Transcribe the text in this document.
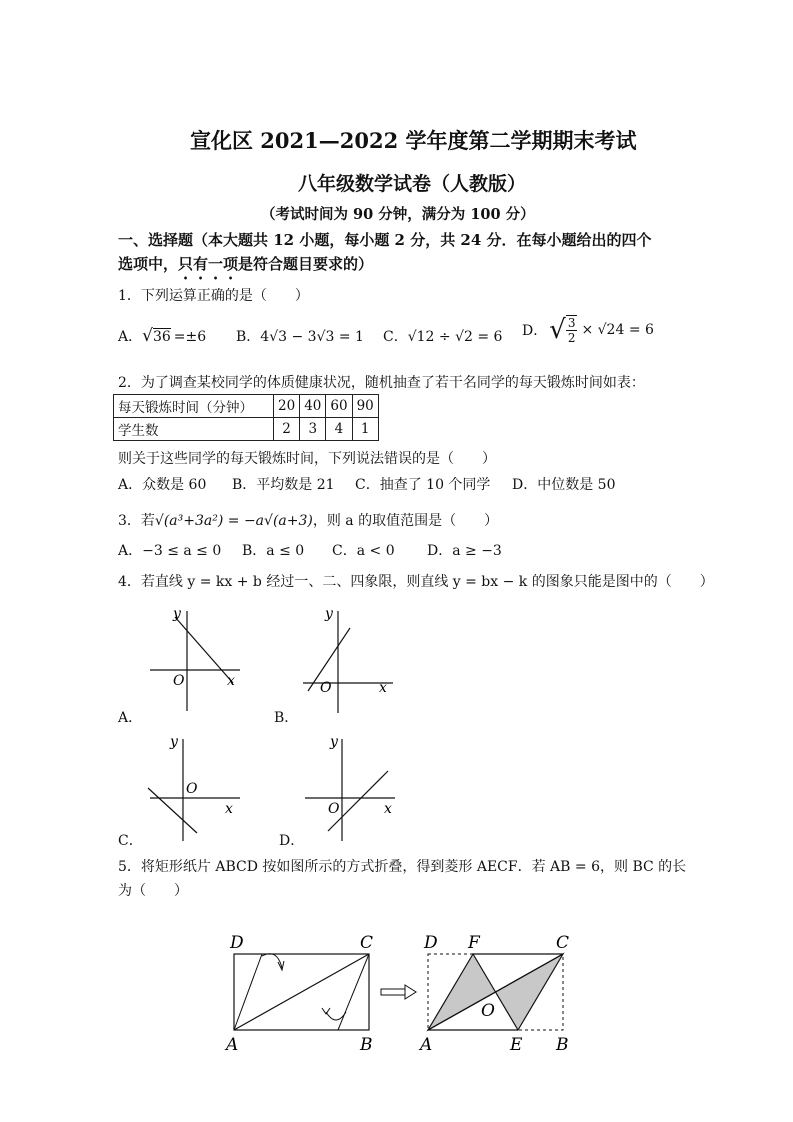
宣化区 2021—2022 学年度第二学期期末考试
八年级数学试卷（人教版）
（考试时间为 90 分钟，满分为 100 分）
一、选择题（本大题共 12 小题，每小题 2 分，共 24 分．在每小题给出的四个
选项中，只有一项是符合题目要求的）
1．下列运算正确的是（　　）
A．√36 =±6 B．4√3 − 3√3 = 1 C．√12 ÷ √2 = 6 D． √ $\frac{3}{2} \times √24 = 6$
2．为了调查某校同学的体质健康状况，随机抽查了若干名同学的每天锻炼时间如表：
每天锻炼时间（分钟）	20	40	60	90
学生数	2	3	4	1
则关于这些同学的每天锻炼时间，下列说法错误的是（　　）
A．众数是 60 B．平均数是 21 C．抽查了 10 个同学 D．中位数是 50
3．若√(a³+3a²) = −a√(a+3)，则 a 的取值范围是（　　）
A．−3 ≤ a ≤ 0 B．a ≤ 0 C．a < 0 D．a ≥ −3
4．若直线 y = kx + b 经过一、二、四象限，则直线 y = bx − k 的图象只能是图中的（　　）
y
x
O
A．
y
x
O
B．
y
x
O
C．
y
x
O
D．
5．将矩形纸片 ABCD 按如图所示的方式折叠，得到菱形 AECF．若 AB = 6，则 BC 的长
为（　　）
D	C
A	B
D F	C
O
A	E B
